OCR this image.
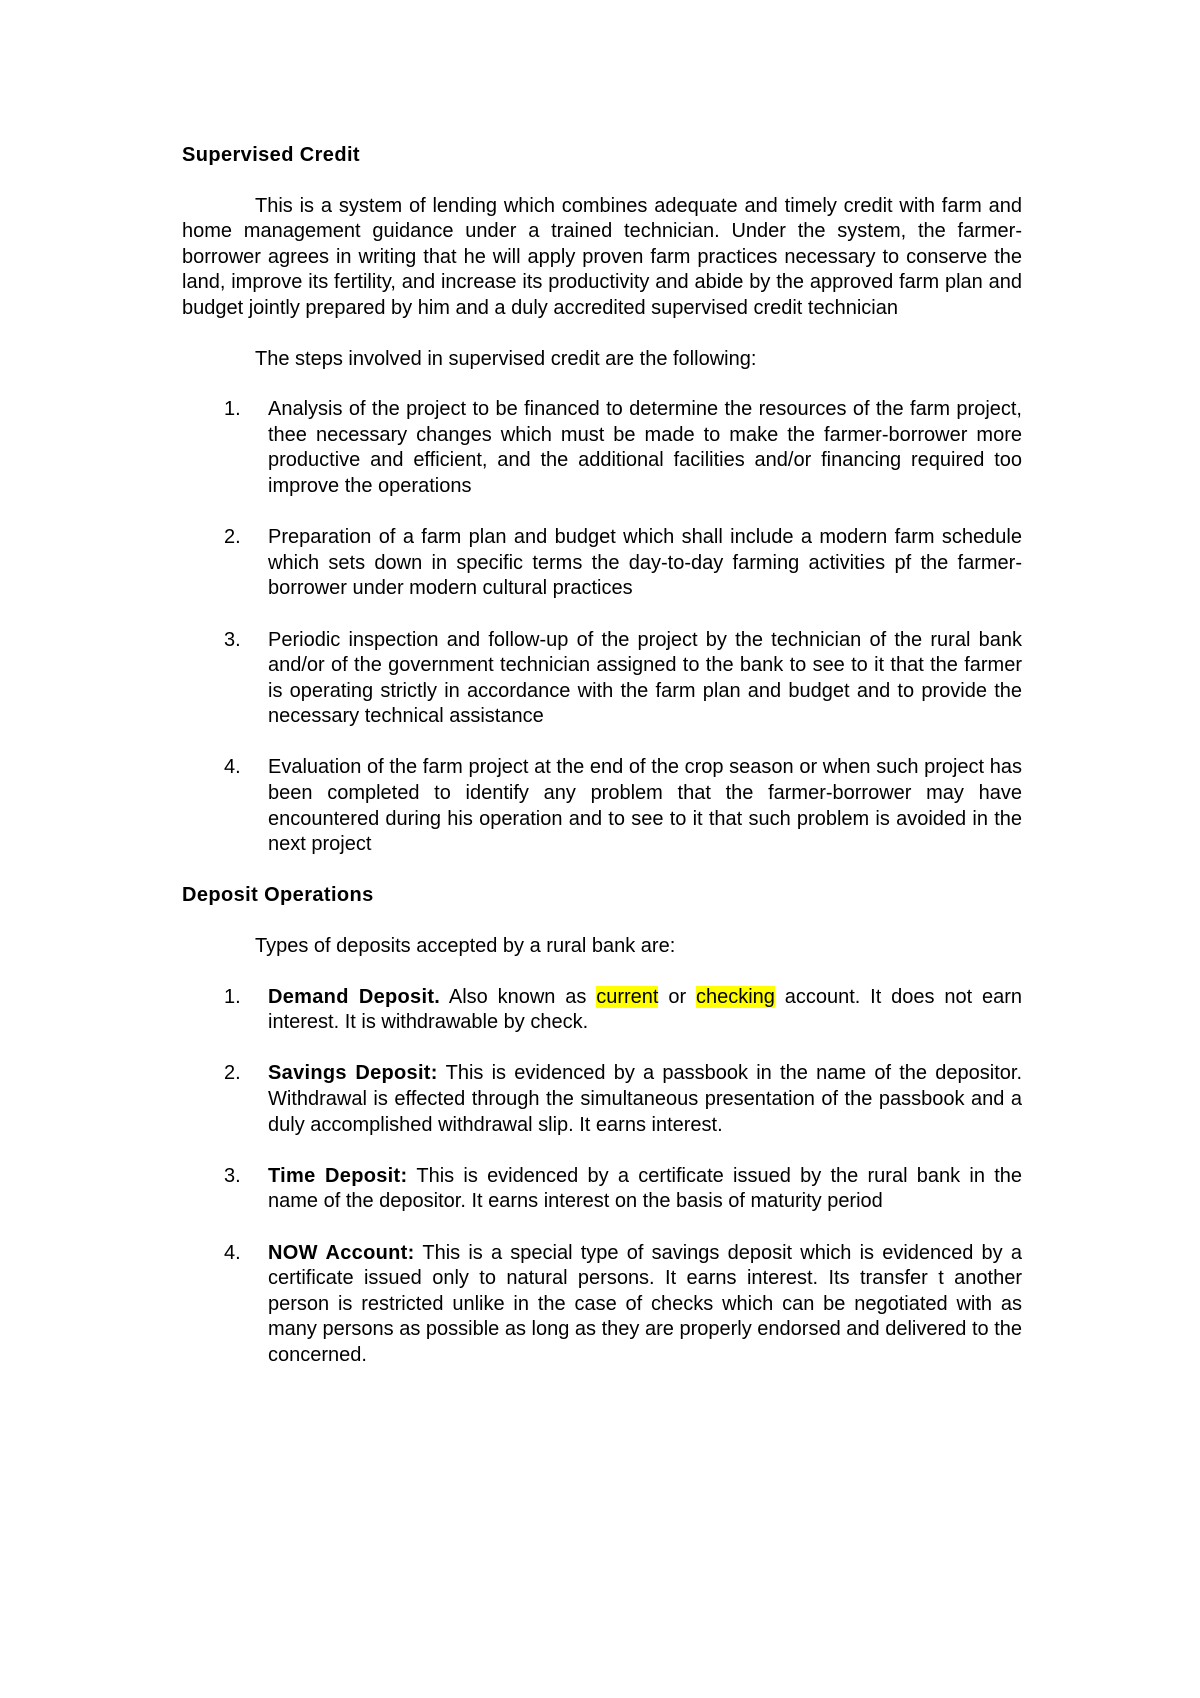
Supervised Credit

This is a system of lending which combines adequate and timely credit with farm and home management guidance under a trained technician. Under the system, the farmer-borrower agrees in writing that he will apply proven farm practices necessary to conserve the land, improve its fertility, and increase its productivity and abide by the approved farm plan and budget jointly prepared by him and a duly accredited supervised credit technician

The steps involved in supervised credit are the following:

1. Analysis of the project to be financed to determine the resources of the farm project, thee necessary changes which must be made to make the farmer-borrower more productive and efficient, and the additional facilities and/or financing required too improve the operations
2. Preparation of a farm plan and budget which shall include a modern farm schedule which sets down in specific terms the day-to-day farming activities pf the farmer-borrower under modern cultural practices
3. Periodic inspection and follow-up of the project by the technician of the rural bank and/or of the government technician assigned to the bank to see to it that the farmer is operating strictly in accordance with the farm plan and budget and to provide the necessary technical assistance
4. Evaluation of the farm project at the end of the crop season or when such project has been completed to identify any problem that the farmer-borrower may have encountered during his operation and to see to it that such problem is avoided in the next project
Deposit Operations

Types of deposits accepted by a rural bank are:

1. Demand Deposit. Also known as current or checking account. It does not earn interest. It is withdrawable by check.
2. Savings Deposit: This is evidenced by a passbook in the name of the depositor. Withdrawal is effected through the simultaneous presentation of the passbook and a duly accomplished withdrawal slip. It earns interest.
3. Time Deposit: This is evidenced by a certificate issued by the rural bank in the name of the depositor. It earns interest on the basis of maturity period
4. NOW Account: This is a special type of savings deposit which is evidenced by a certificate issued only to natural persons. It earns interest. Its transfer t another person is restricted unlike in the case of checks which can be negotiated with as many persons as possible as long as they are properly endorsed and delivered to the concerned.
